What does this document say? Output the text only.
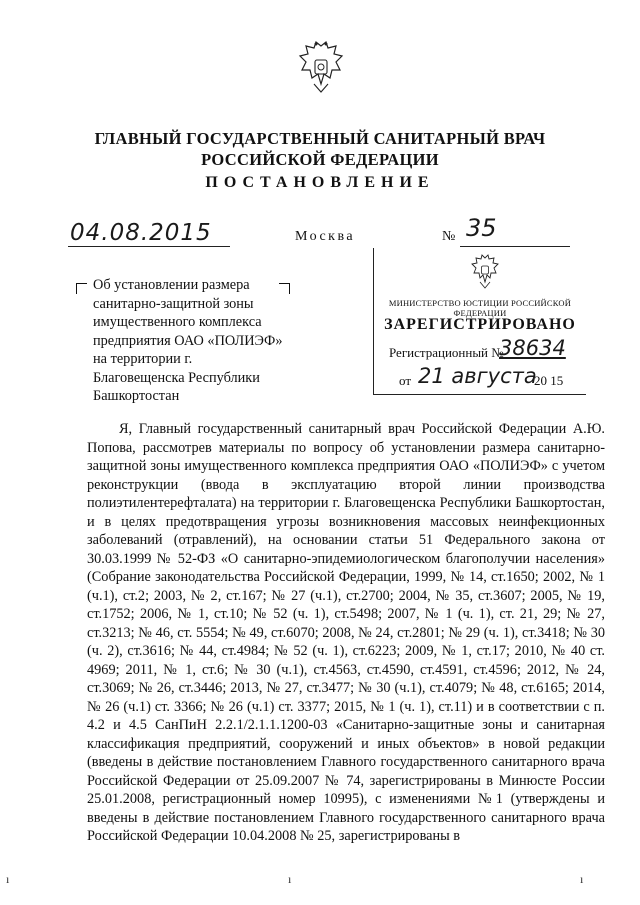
ГЛАВНЫЙ ГОСУДАРСТВЕННЫЙ САНИТАРНЫЙ ВРАЧ
РОССИЙСКОЙ ФЕДЕРАЦИИ
ПОСТАНОВЛЕНИЕ
04.08.2015	Москва	№ 35
МИНИСТЕРСТВО ЮСТИЦИИ РОССИЙСКОЙ ФЕДЕРАЦИИ
ЗАРЕГИСТРИРОВАНО
Регистрационный №
38634
от 21 августа
20 15
Об установлении размера санитарно-защитной зоны имущественного комплекса предприятия ОАО «ПОЛИЭФ» на территории г. Благовещенска Республики Башкортостан
Я, Главный государственный санитарный врач Российской Федерации А.Ю. Попова, рассмотрев материалы по вопросу об установлении размера санитарно-защитной зоны имущественного комплекса предприятия ОАО «ПОЛИЭФ» с учетом реконструкции (ввода в эксплуатацию второй линии производства полиэтилентерефталата) на территории г. Благовещенска Республики Башкортостан, и в целях предотвращения угрозы возникновения массовых неинфекционных заболеваний (отравлений), на основании статьи 51 Федерального закона от 30.03.1999 № 52-ФЗ «О санитарно-эпидемиологическом благополучии населения» (Собрание законодательства Российской Федерации, 1999, № 14, ст.1650; 2002, № 1 (ч.1), ст.2; 2003, № 2, ст.167; № 27 (ч.1), ст.2700; 2004, № 35, ст.3607; 2005, № 19, ст.1752; 2006, № 1, ст.10; № 52 (ч. 1), ст.5498; 2007, № 1 (ч. 1), ст. 21, 29; № 27, ст.3213; № 46, ст. 5554; № 49, ст.6070; 2008, № 24, ст.2801; № 29 (ч. 1), ст.3418; № 30 (ч. 2), ст.3616; № 44, ст.4984; № 52 (ч. 1), ст.6223; 2009, № 1, ст.17; 2010, № 40 ст. 4969; 2011, № 1, ст.6; № 30 (ч.1), ст.4563, ст.4590, ст.4591, ст.4596; 2012, № 24, ст.3069; № 26, ст.3446; 2013, № 27, ст.3477; № 30 (ч.1), ст.4079; № 48, ст.6165; 2014, № 26 (ч.1) ст. 3366; № 26 (ч.1) ст. 3377; 2015, № 1 (ч. 1), ст.11) и в соответствии с п. 4.2 и 4.5 СанПиН 2.2.1/2.1.1.1200-03 «Санитарно-защитные зоны и санитарная классификация предприятий, сооружений и иных объектов» в новой редакции (введены в действие постановлением Главного государственного санитарного врача Российской Федерации от 25.09.2007 № 74, зарегистрированы в Минюсте России 25.01.2008, регистрационный номер 10995), с изменениями №1 (утверждены и введены в действие постановлением Главного государственного санитарного врача Российской Федерации 10.04.2008 № 25, зарегистрированы в
ı	ı	ı
